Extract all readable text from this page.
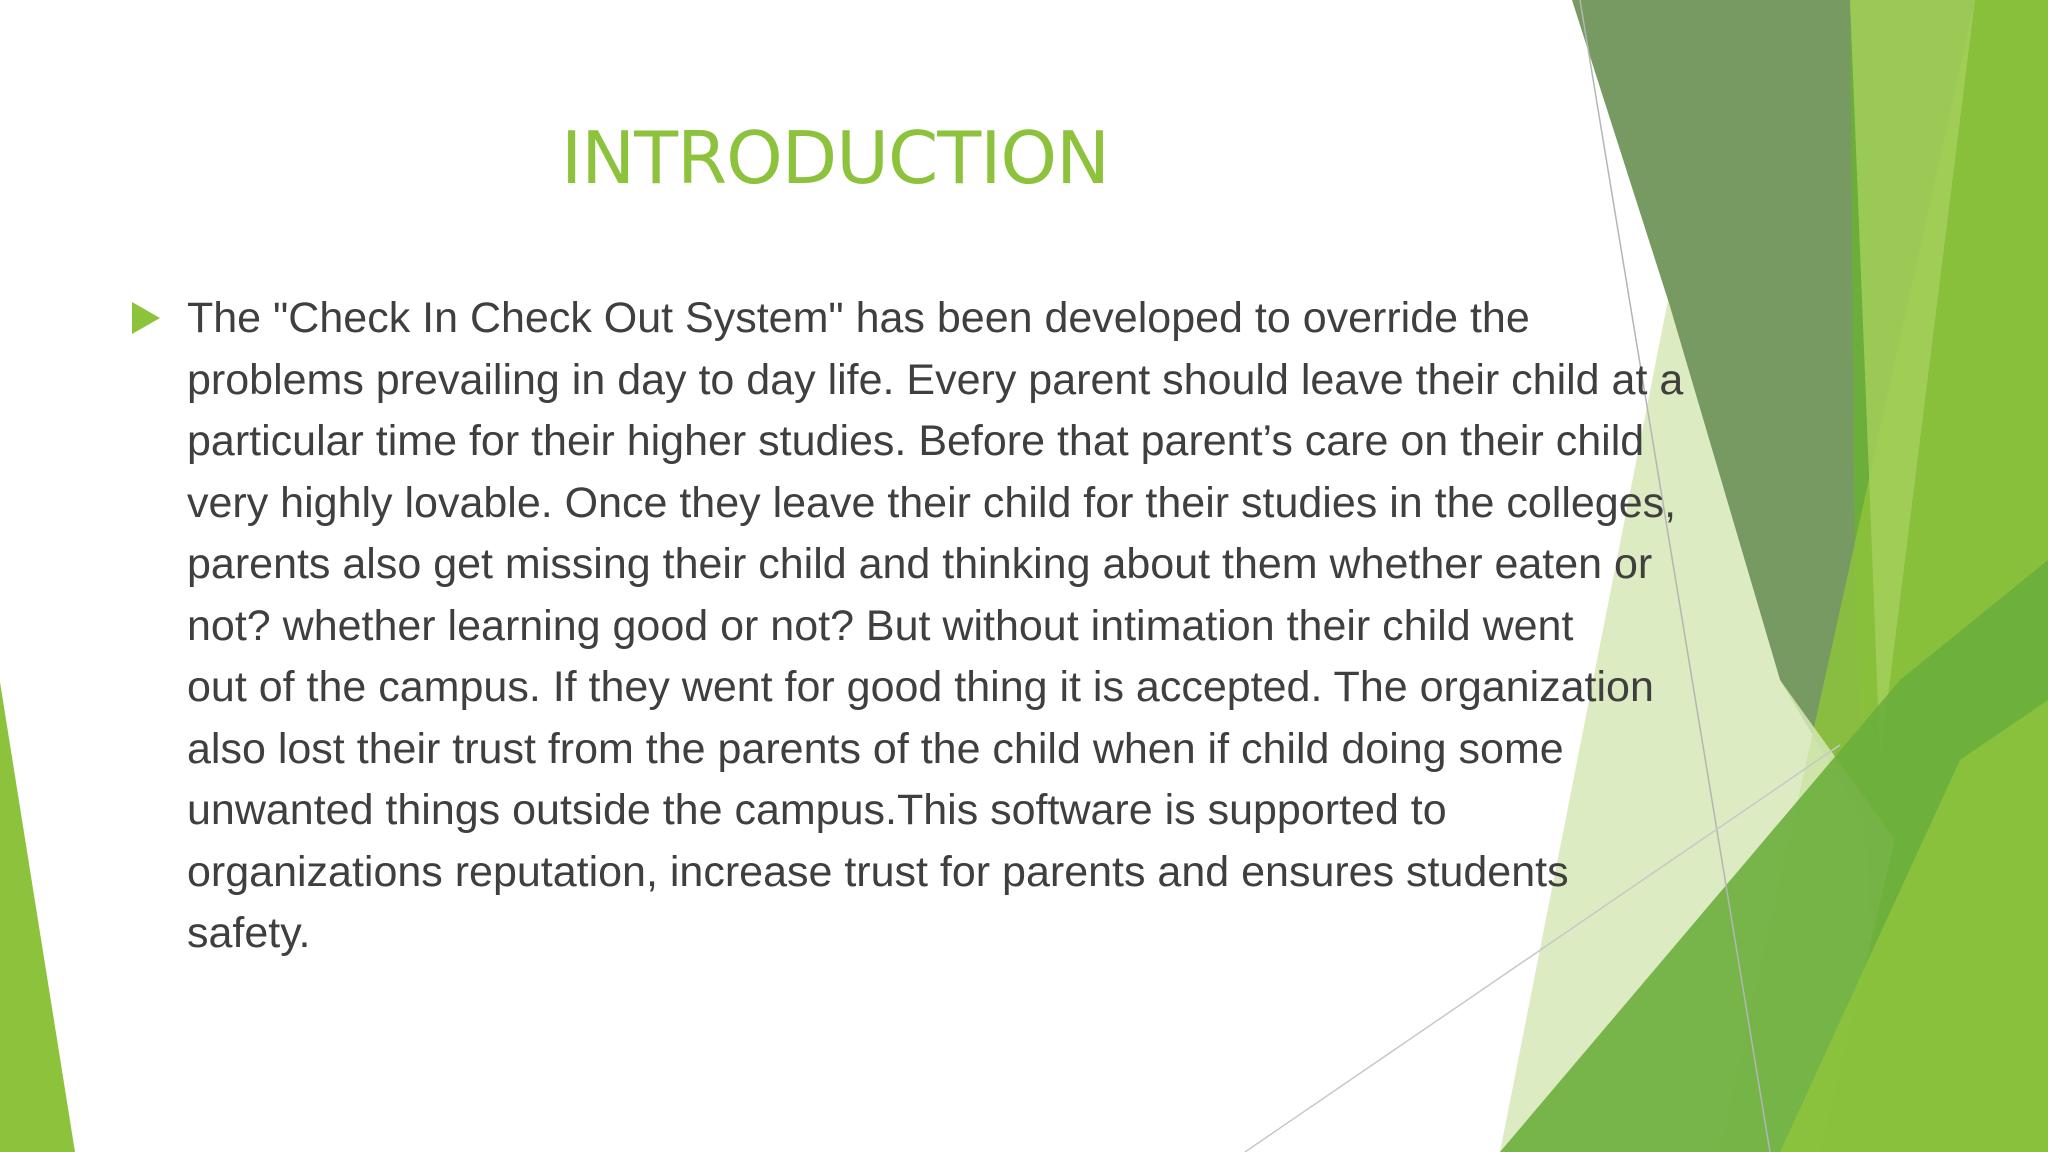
INTRODUCTION

The "Check In Check Out System" has been developed to override the
problems prevailing in day to day life. Every parent should leave their child at a
particular time for their higher studies. Before that parent’s care on their child
very highly lovable. Once they leave their child for their studies in the colleges,
parents also get missing their child and thinking about them whether eaten or
not? whether learning good or not? But without intimation their child went
out of the campus. If they went for good thing it is accepted. The organization
also lost their trust from the parents of the child when if child doing some
unwanted things outside the campus.This software is supported to
organizations reputation, increase trust for parents and ensures students
safety.
